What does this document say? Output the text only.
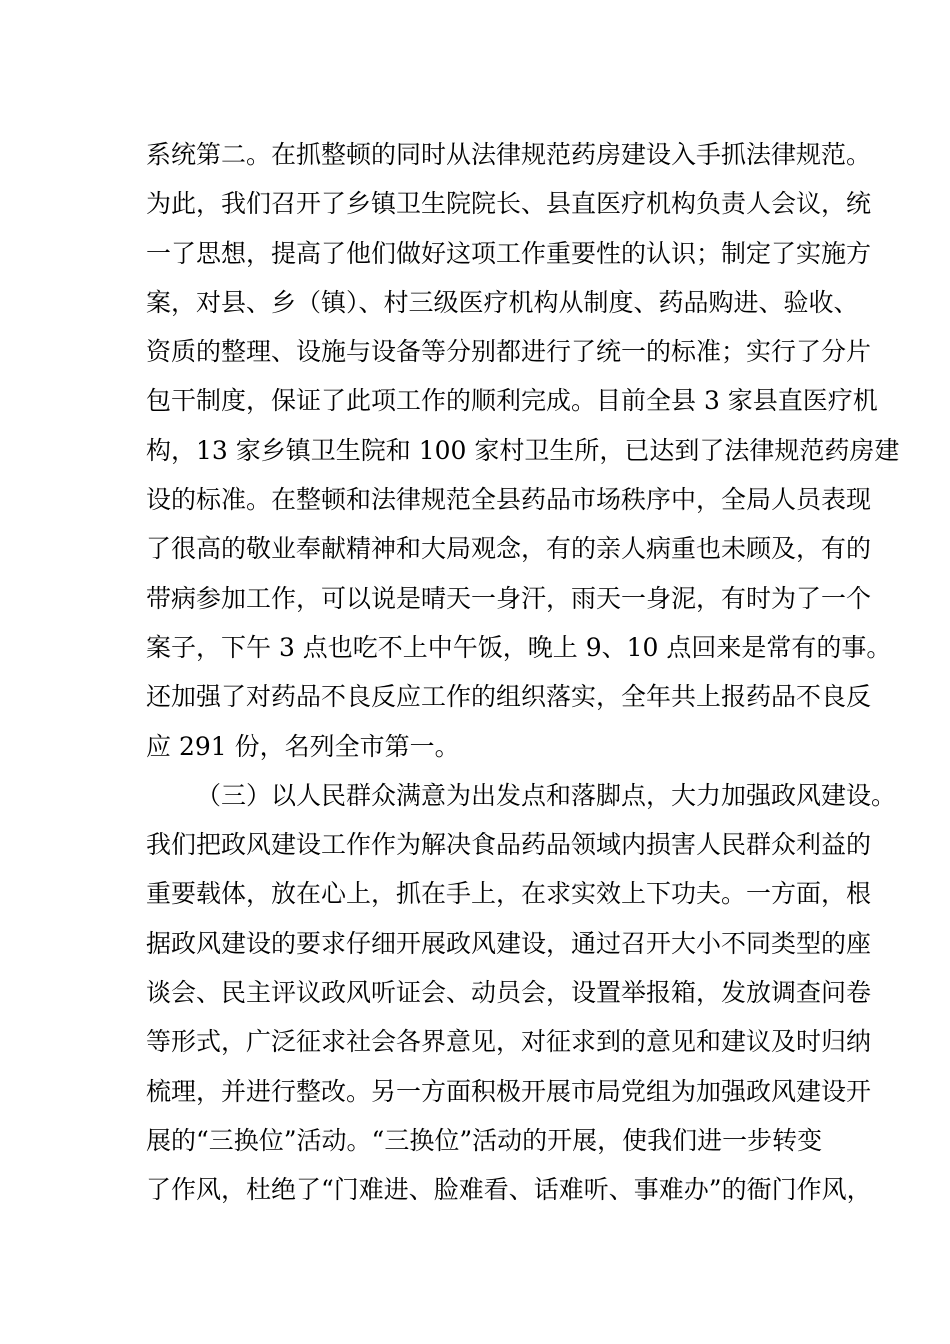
系统第二。在抓整顿的同时从法律规范药房建设入手抓法律规范。
为此，我们召开了乡镇卫生院院长、县直医疗机构负责人会议，统
一了思想，提高了他们做好这项工作重要性的认识；制定了实施方
案，对县、乡（镇）、村三级医疗机构从制度、药品购进、验收、
资质的整理、设施与设备等分别都进行了统一的标准；实行了分片
包干制度，保证了此项工作的顺利完成。目前全县 3 家县直医疗机
构，13 家乡镇卫生院和 100 家村卫生所，已达到了法律规范药房建
设的标准。在整顿和法律规范全县药品市场秩序中，全局人员表现
了很高的敬业奉献精神和大局观念，有的亲人病重也未顾及，有的
带病参加工作，可以说是晴天一身汗，雨天一身泥，有时为了一个
案子，下午 3 点也吃不上中午饭，晚上 9、10 点回来是常有的事。
还加强了对药品不良反应工作的组织落实，全年共上报药品不良反
应 291 份，名列全市第一。
（三）以人民群众满意为出发点和落脚点，大力加强政风建设。
我们把政风建设工作作为解决食品药品领域内损害人民群众利益的
重要载体，放在心上，抓在手上，在求实效上下功夫。一方面，根
据政风建设的要求仔细开展政风建设，通过召开大小不同类型的座
谈会、民主评议政风听证会、动员会，设置举报箱，发放调查问卷
等形式，广泛征求社会各界意见，对征求到的意见和建议及时归纳
梳理，并进行整改。另一方面积极开展市局党组为加强政风建设开
展的“三换位”活动。“三换位”活动的开展，使我们进一步转变
了作风，杜绝了“门难进、脸难看、话难听、事难办”的衙门作风，
